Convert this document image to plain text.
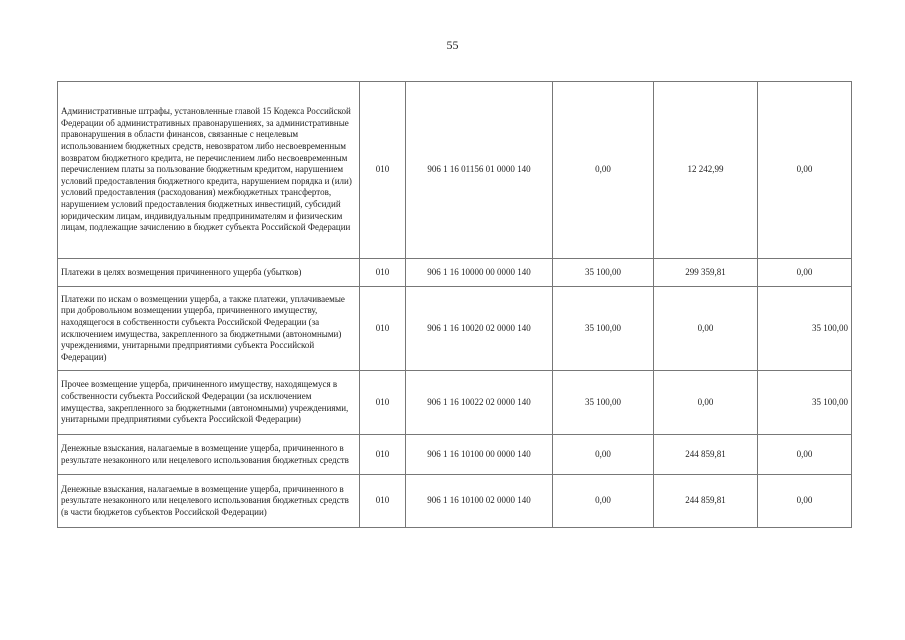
55
Административные штрафы, установленные главой 15 Кодекса Российской Федерации об административных правонарушениях, за административные правонарушения в области финансов, связанные с нецелевым использованием бюджетных средств, невозвратом либо несвоевременным возвратом бюджетного кредита, не перечислением либо несвоевременным перечислением платы за пользование бюджетным кредитом, нарушением условий предоставления бюджетного кредита, нарушением порядка и (или) условий предоставления (расходования) межбюджетных трансфертов, нарушением условий предоставления бюджетных инвестиций, субсидий юридическим лицам, индивидуальным предпринимателям и физическим лицам, подлежащие зачислению в бюджет субъекта Российской Федерации	010	906 1 16 01156 01 0000 140	0,00	12 242,99	0,00
Платежи в целях возмещения причиненного ущерба (убытков)	010	906 1 16 10000 00 0000 140	35 100,00	299 359,81	0,00
Платежи по искам о возмещении ущерба, а также платежи, уплачиваемые при добровольном возмещении ущерба, причиненного имуществу, находящегося в собственности субъекта Российской Федерации (за исключением имущества, закрепленного за бюджетными (автономными) учреждениями, унитарными предприятиями субъекта Российской Федерации)	010	906 1 16 10020 02 0000 140	35 100,00	0,00	35 100,00
Прочее возмещение ущерба, причиненного имуществу, находящемуся в собственности субъекта Российской Федерации (за исключением имущества, закрепленного за бюджетными (автономными) учреждениями, унитарными предприятиями субъекта Российской Федерации)	010	906 1 16 10022 02 0000 140	35 100,00	0,00	35 100,00
Денежные взыскания, налагаемые в возмещение ущерба, причиненного в результате незаконного или нецелевого использования бюджетных средств	010	906 1 16 10100 00 0000 140	0,00	244 859,81	0,00
Денежные взыскания, налагаемые в возмещение ущерба, причиненного в результате незаконного или нецелевого использования бюджетных средств (в части бюджетов субъектов Российской Федерации)	010	906 1 16 10100 02 0000 140	0,00	244 859,81	0,00
